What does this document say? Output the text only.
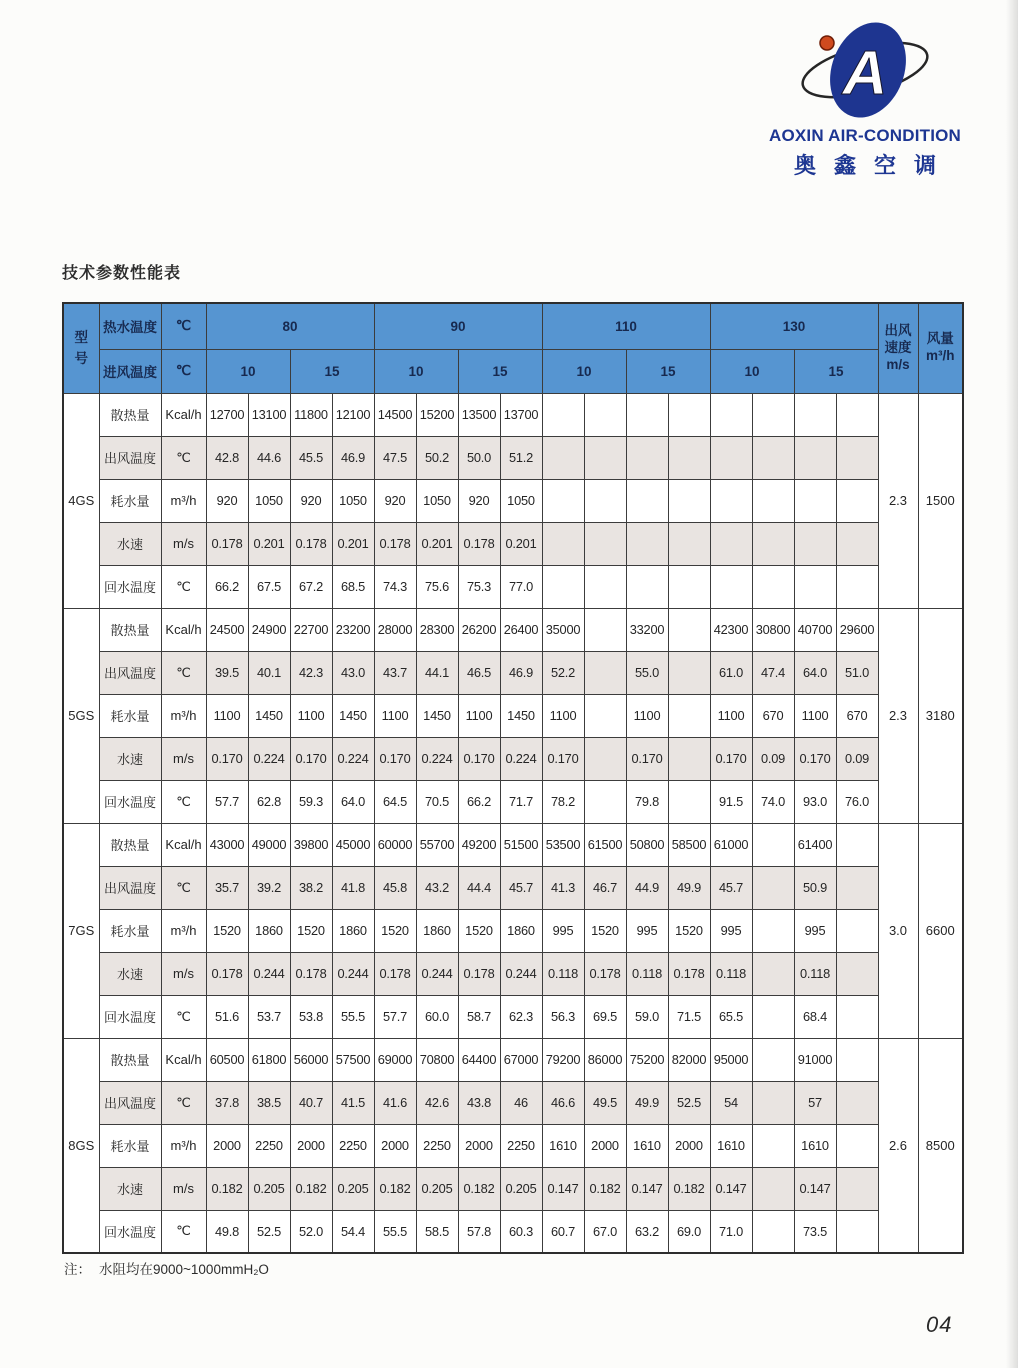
A
AOXIN AIR-CONDITION
奥鑫空调
技术参数性能表
型号
	热水温度	℃	80	90	110	130	出风速度
m/s

风量
m³/h

	进风温度	℃	10		15		10		15		10		15		10		15			
4GS	散热量	Kcal/h	12700	13100	11800	12100	14500	15200	13500	13700									2.3	1500
	出风温度	℃	42.8	44.6	45.5	46.9	47.5	50.2	50.0	51.2										
	耗水量	m³/h	920	1050	920	1050	920	1050	920	1050										
	水速	m/s	0.178	0.201	0.178	0.201	0.178	0.201	0.178	0.201										
	回水温度	℃	66.2	67.5	67.2	68.5	74.3	75.6	75.3	77.0										
5GS	散热量	Kcal/h	24500	24900	22700	23200	28000	28300	26200	26400	35000		33200		42300	30800	40700	29600	2.3	3180
	出风温度	℃	39.5	40.1	42.3	43.0	43.7	44.1	46.5	46.9	52.2		55.0		61.0	47.4	64.0	51.0		
	耗水量	m³/h	1100	1450	1100	1450	1100	1450	1100	1450	1100		1100		1100	670	1100	670		
	水速	m/s	0.170	0.224	0.170	0.224	0.170	0.224	0.170	0.224	0.170		0.170		0.170	0.09	0.170	0.09		
	回水温度	℃	57.7	62.8	59.3	64.0	64.5	70.5	66.2	71.7	78.2		79.8		91.5	74.0	93.0	76.0		
7GS	散热量	Kcal/h	43000	49000	39800	45000	60000	55700	49200	51500	53500	61500	50800	58500	61000		61400		3.0	6600
	出风温度	℃	35.7	39.2	38.2	41.8	45.8	43.2	44.4	45.7	41.3	46.7	44.9	49.9	45.7		50.9			
	耗水量	m³/h	1520	1860	1520	1860	1520	1860	1520	1860	995	1520	995	1520	995		995			
	水速	m/s	0.178	0.244	0.178	0.244	0.178	0.244	0.178	0.244	0.118	0.178	0.118	0.178	0.118		0.118			
	回水温度	℃	51.6	53.7	53.8	55.5	57.7	60.0	58.7	62.3	56.3	69.5	59.0	71.5	65.5		68.4			
8GS	散热量	Kcal/h	60500	61800	56000	57500	69000	70800	64400	67000	79200	86000	75200	82000	95000		91000		2.6	8500
	出风温度	℃	37.8	38.5	40.7	41.5	41.6	42.6	43.8	46	46.6	49.5	49.9	52.5	54		57			
	耗水量	m³/h	2000	2250	2000	2250	2000	2250	2000	2250	1610	2000	1610	2000	1610		1610			
	水速	m/s	0.182	0.205	0.182	0.205	0.182	0.205	0.182	0.205	0.147	0.182	0.147	0.182	0.147		0.147			
	回水温度	℃	49.8	52.5	52.0	54.4	55.5	58.5	57.8	60.3	60.7	67.0	63.2	69.0	71.0		73.5			
注： 水阻均在9000~1000mmH₂O
04
